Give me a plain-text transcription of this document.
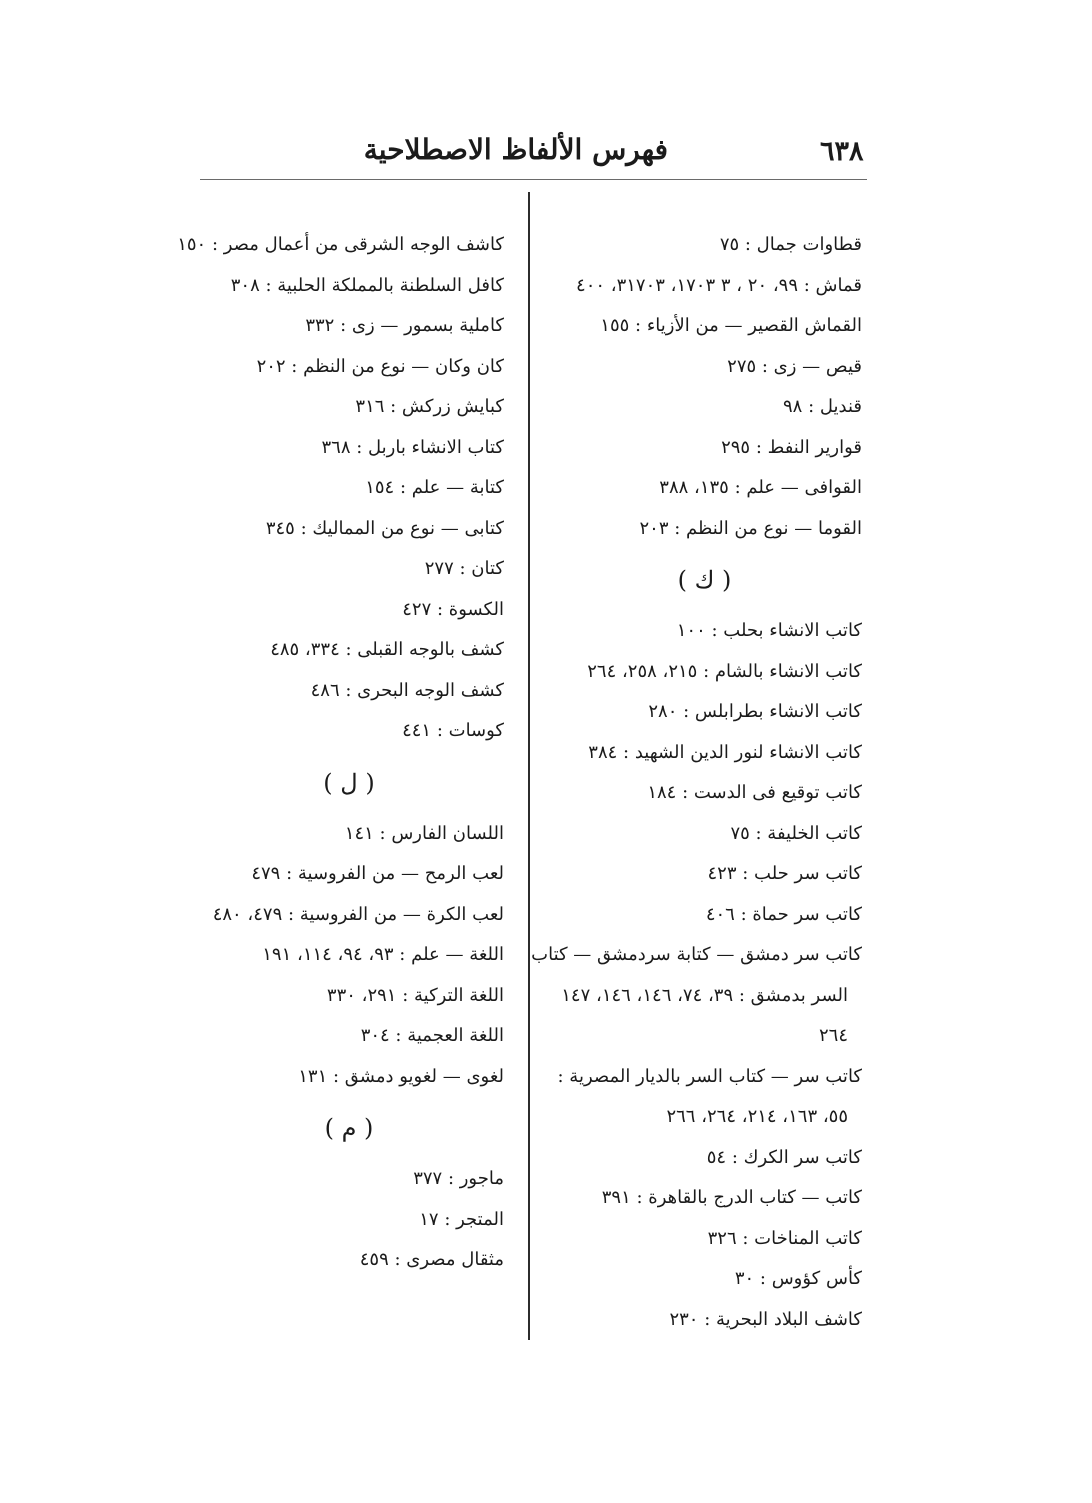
٦٣٨
فهرس الألفاظ الاصطلاحية
قطاوات جمال : ٧٥
قماش : ٩٩، ٢٠ ، ٣ ١٧٠٣، ٣١٧٠٣، ٤٠٠
القماش القصير — من الأزياء : ١٥٥
قيص — زى : ٢٧٥
قنديل : ٩٨
قوارير النفط : ٢٩٥
القوافى — علم : ١٣٥، ٣٨٨
القوما — نوع من النظم : ٢٠٣
( ك )
كاتب الانشاء بحلب : ١٠٠
كاتب الانشاء بالشام : ٢١٥، ٢٥٨، ٢٦٤
كاتب الانشاء بطرابلس : ٢٨٠
كاتب الانشاء لنور الدين الشهيد : ٣٨٤
كاتب توقيع فى الدست : ١٨٤
كاتب الخليفة : ٧٥
كاتب سر حلب : ٤٢٣
كاتب سر حماة : ٤٠٦
كاتب سر دمشق — كتابة سردمشق — كتاب
السر بدمشق : ٣٩، ٧٤، ١٤٦، ١٤٦، ١٤٧
٢٦٤
كاتب سر — كتاب السر بالديار المصرية :
٥٥، ١٦٣، ٢١٤، ٢٦٤، ٢٦٦
كاتب سر الكرك : ٥٤
كاتب — كتاب الدرج بالقاهرة : ٣٩١
كاتب المناخات : ٣٢٦
كأس كؤوس : ٣٠
كاشف البلاد البحرية : ٢٣٠
كاشف الوجه الشرقى من أعمال مصر : ١٥٠
كافل السلطنة بالمملكة الحلبية : ٣٠٨
كاملية بسمور — زى : ٣٣٢
كان وكان — نوع من النظم : ٢٠٢
كبايش زركش : ٣١٦
كتاب الانشاء باربل : ٣٦٨
كتابة — علم : ١٥٤
كتابى — نوع من المماليك : ٣٤٥
كتان : ٢٧٧
الكسوة : ٤٢٧
كشف بالوجه القبلى : ٣٣٤، ٤٨٥
كشف الوجه البحرى : ٤٨٦
كوسات : ٤٤١
( ل )
اللسان الفارس : ١٤١
لعب الرمح — من الفروسية : ٤٧٩
لعب الكرة — من الفروسية : ٤٧٩، ٤٨٠
اللغة — علم : ٩٣، ٩٤، ١١٤، ١٩١
اللغة التركية : ٢٩١، ٣٣٠
اللغة العجمية : ٣٠٤
لغوى — لغويو دمشق : ١٣١
( م )
ماجور : ٣٧٧
المتجر : ١٧
مثقال مصرى : ٤٥٩
